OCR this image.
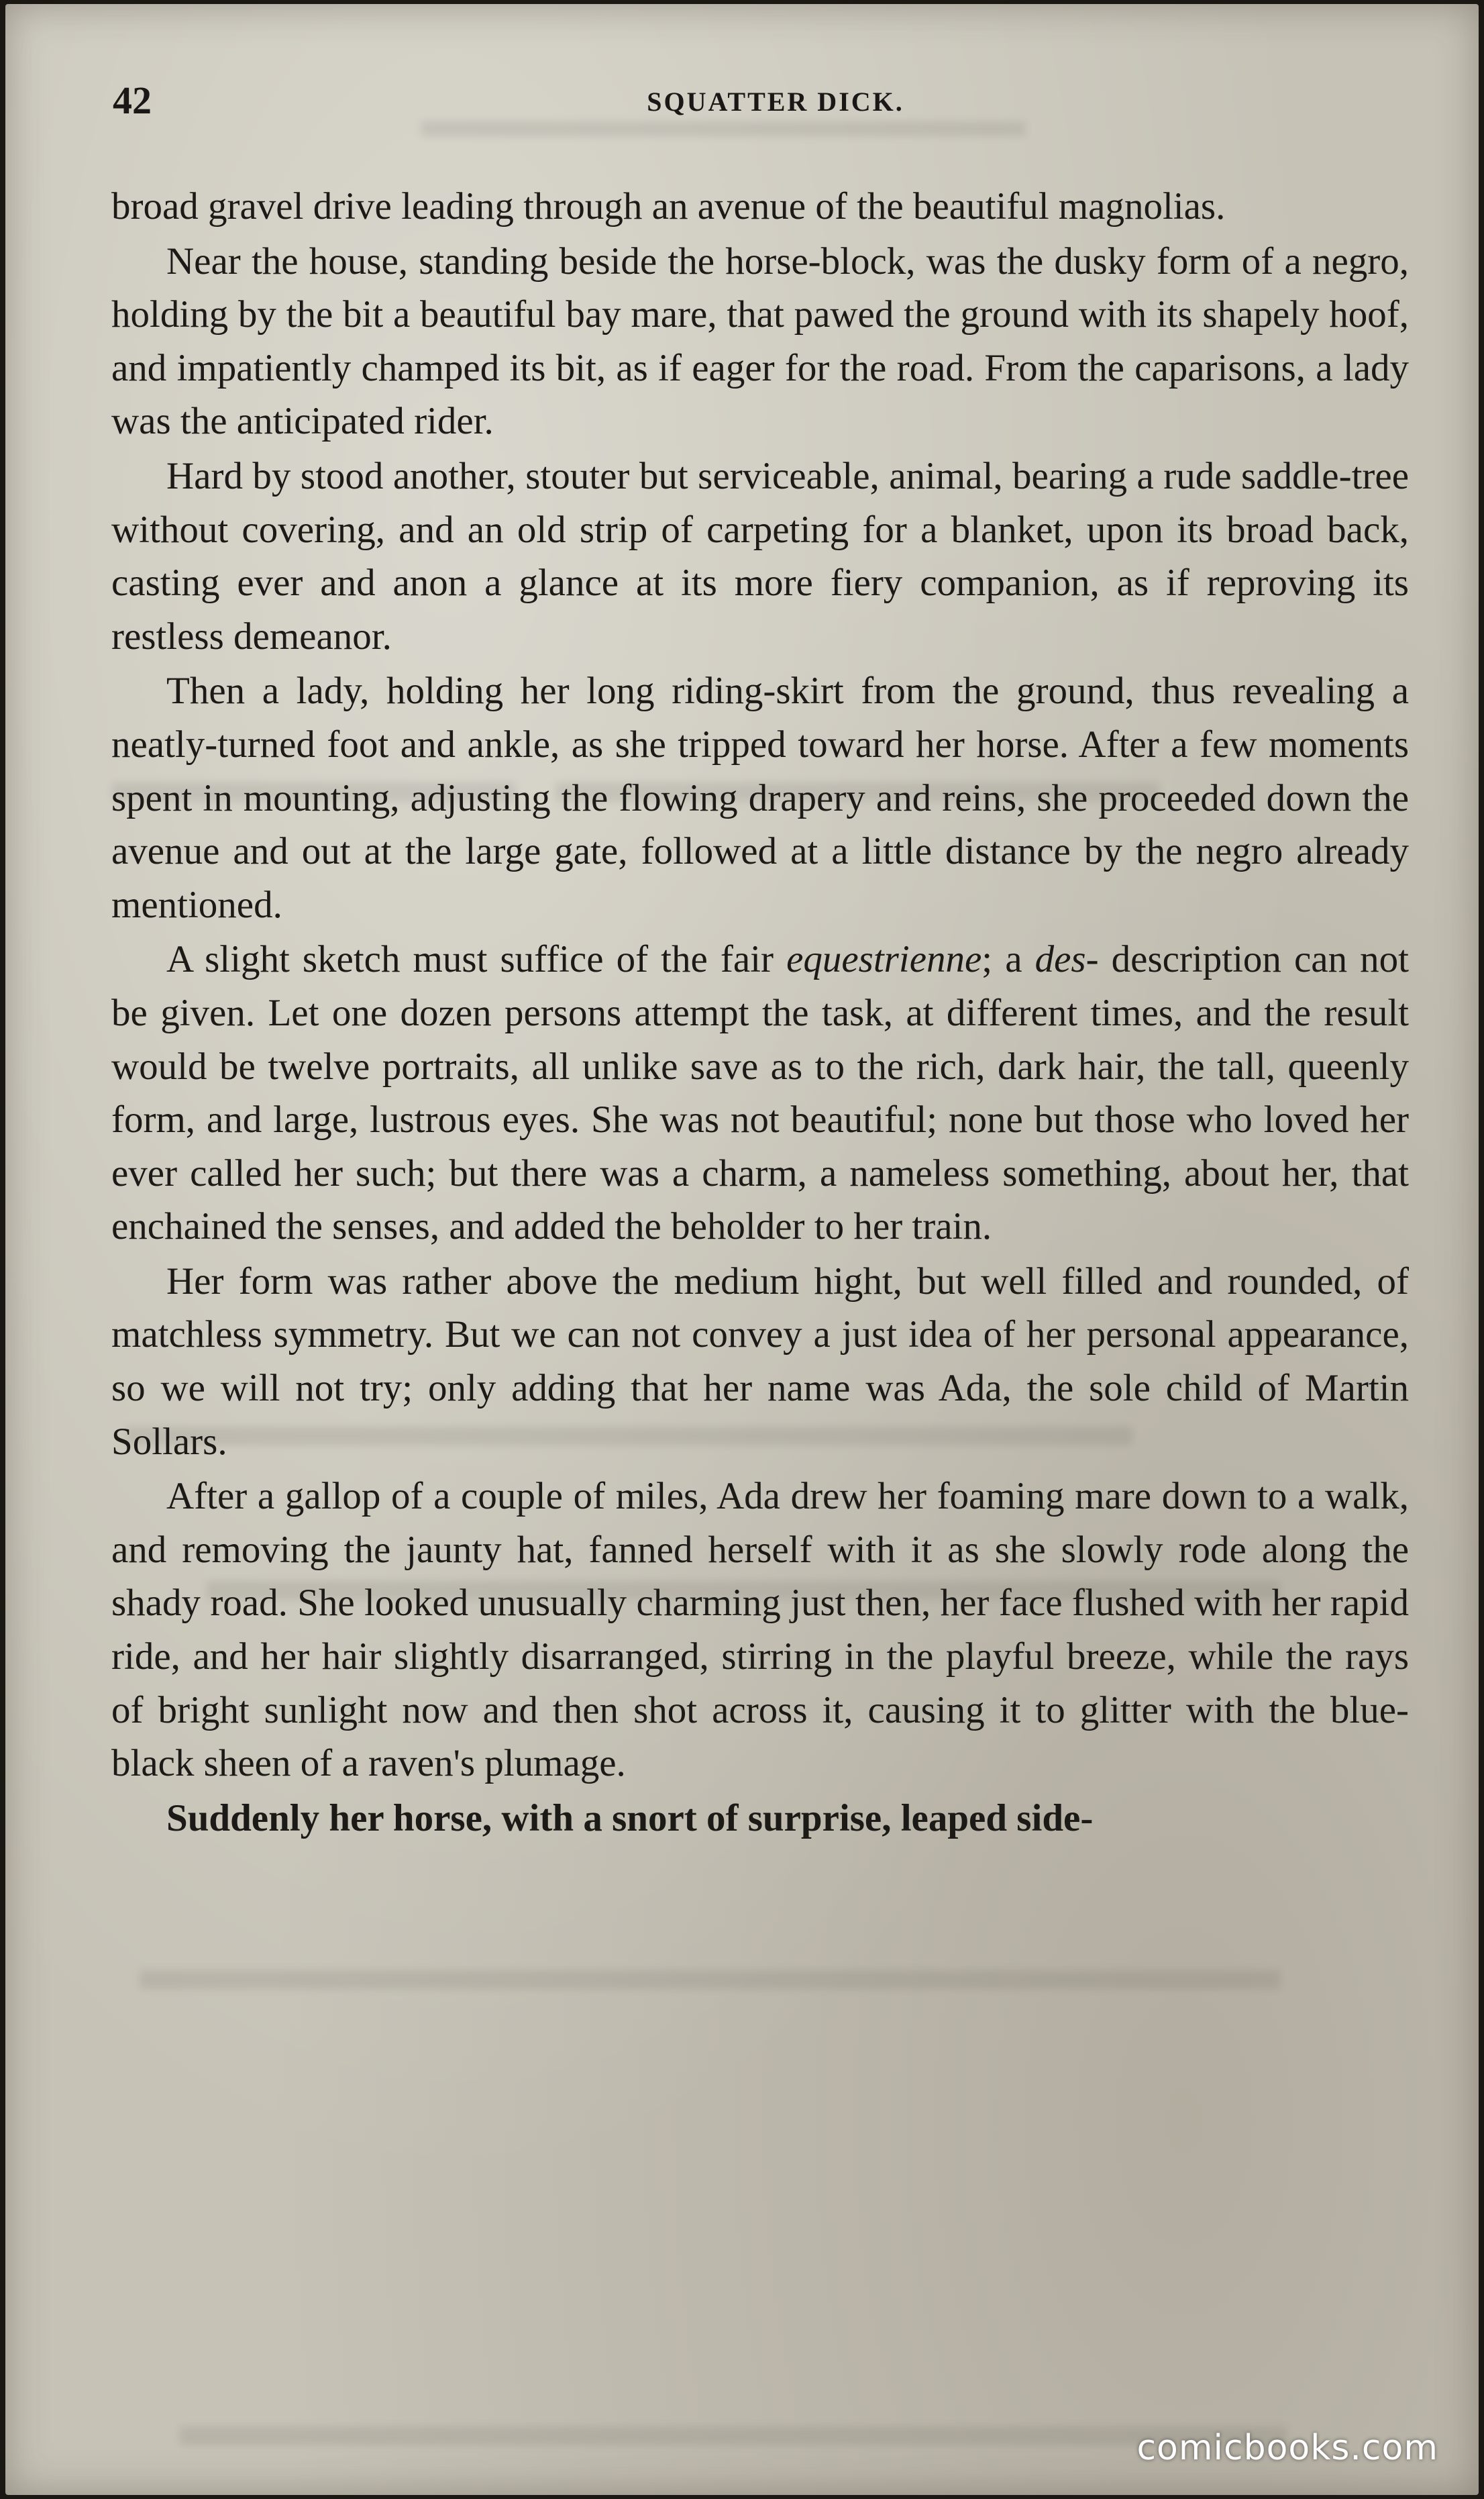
42	SQUATTER DICK.

broad gravel drive leading through an avenue of the beautiful magnolias.

Near the house, standing beside the horse-block, was the dusky form of a negro, holding by the bit a beautiful bay mare, that pawed the ground with its shapely hoof, and impatiently champed its bit, as if eager for the road. From the caparisons, a lady was the anticipated rider.

Hard by stood another, stouter but serviceable, animal, bearing a rude saddle-tree without covering, and an old strip of carpeting for a blanket, upon its broad back, casting ever and anon a glance at its more fiery companion, as if reproving its restless demeanor.

Then a lady, holding her long riding-skirt from the ground, thus revealing a neatly-turned foot and ankle, as she tripped toward her horse. After a few moments spent in mounting, adjusting the flowing drapery and reins, she proceeded down the avenue and out at the large gate, followed at a little distance by the negro already mentioned.

A slight sketch must suffice of the fair equestrienne; a des- description can not be given. Let one dozen persons attempt the task, at different times, and the result would be twelve portraits, all unlike save as to the rich, dark hair, the tall, queenly form, and large, lustrous eyes. She was not beautiful; none but those who loved her ever called her such; but there was a charm, a nameless something, about her, that enchained the senses, and added the beholder to her train.

Her form was rather above the medium hight, but well filled and rounded, of matchless symmetry. But we can not convey a just idea of her personal appearance, so we will not try; only adding that her name was Ada, the sole child of Martin Sollars.

After a gallop of a couple of miles, Ada drew her foaming mare down to a walk, and removing the jaunty hat, fanned herself with it as she slowly rode along the shady road. She looked unusually charming just then, her face flushed with her rapid ride, and her hair slightly disarranged, stirring in the playful breeze, while the rays of bright sunlight now and then shot across it, causing it to glitter with the blue-black sheen of a raven's plumage.

Suddenly her horse, with a snort of surprise, leaped side-

comicbooks.com
